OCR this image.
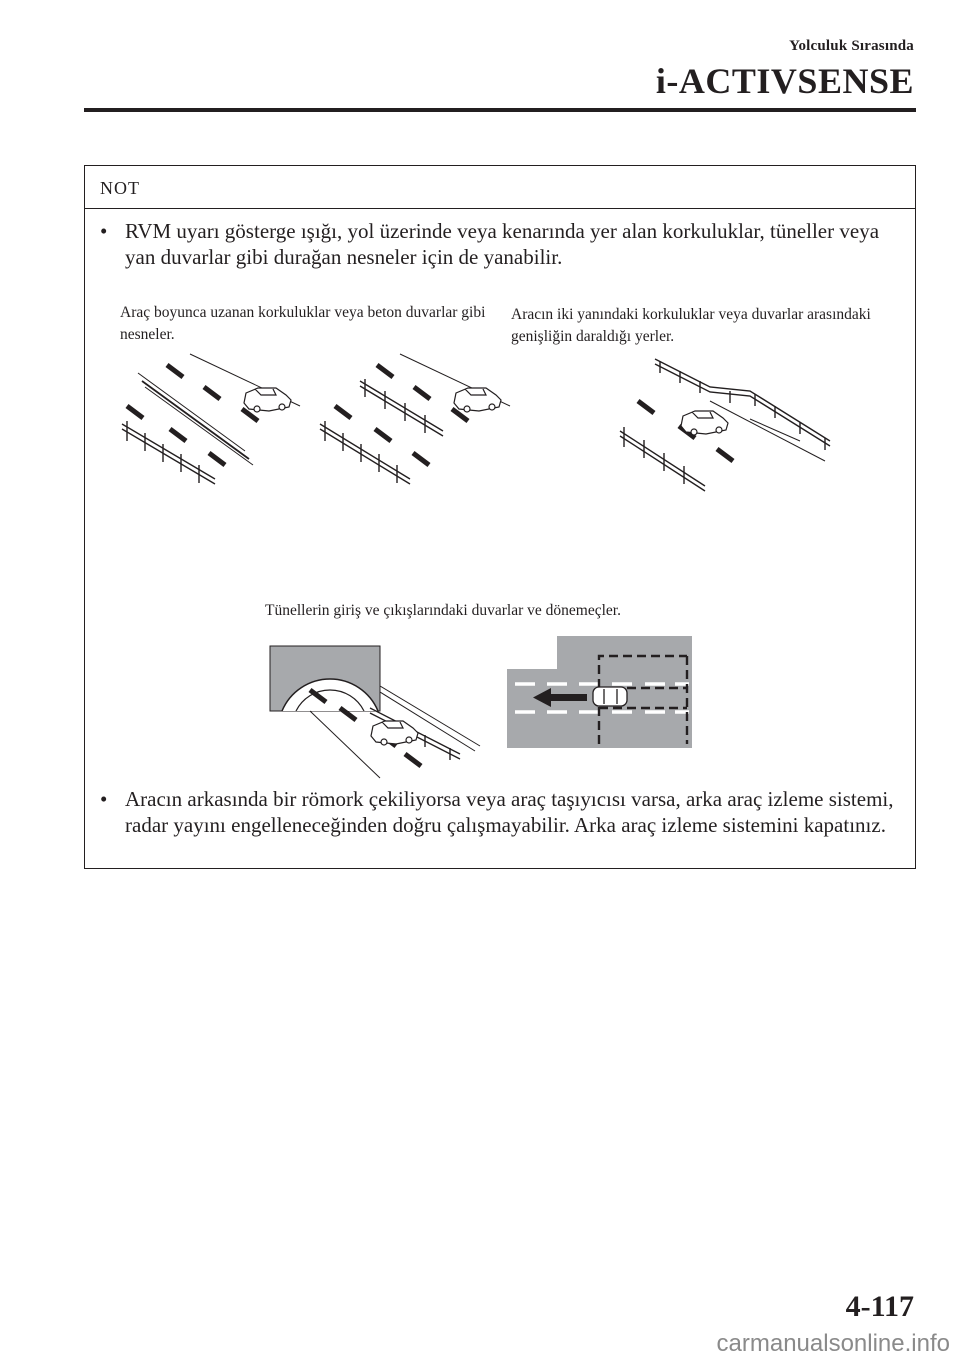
Yolculuk Sırasında
i-ACTIVSENSE
NOT
• RVM uyarı gösterge ışığı, yol üzerinde veya kenarında yer alan korkuluklar, tüneller veya yan duvarlar gibi durağan nesneler için de yanabilir.
Araç boyunca uzanan korkuluklar veya beton duvarlar gibi nesneler.
Aracın iki yanındaki korkuluklar veya duvarlar arasındaki genişliğin daraldığı yerler.
Tünellerin giriş ve çıkışlarındaki duvarlar ve dönemeçler.
• Aracın arkasında bir römork çekiliyorsa veya araç taşıyıcısı varsa, arka araç izleme sistemi, radar yayını engelleneceğinden doğru çalışmayabilir. Arka araç izleme sistemini kapatınız.
4-117
carmanualsonline.info
